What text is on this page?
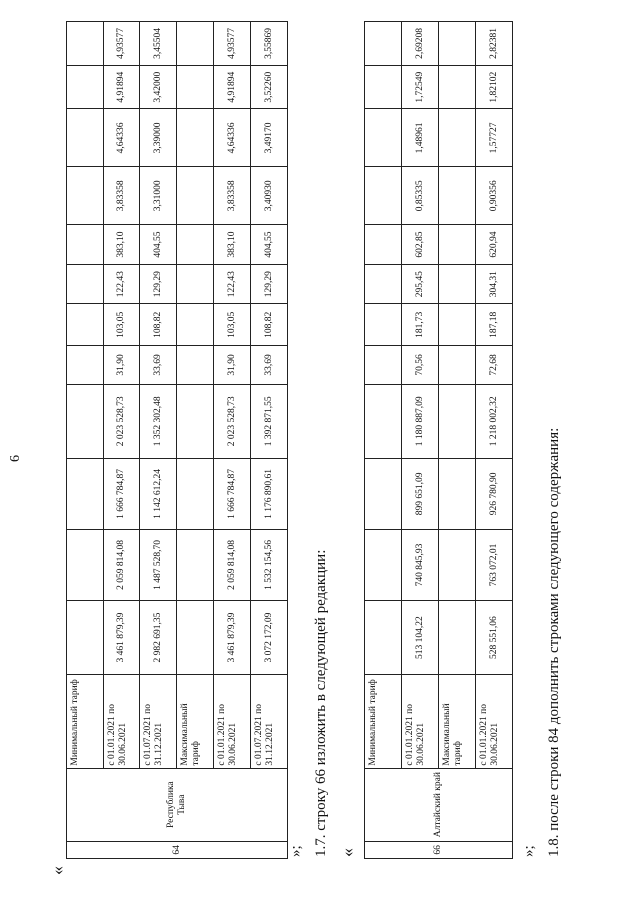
6
«
64	Республика Тыва	Минимальный тариф												
		с 01.01.2021 по 30.06.2021	3 461 879,39	2 059 814,08	1 666 784,87	2 023 528,73	31,90	103,05	122,43	383,10	3,83358	4,64336	4,91894	4,93577
		с 01.07.2021 по 31.12.2021	2 982 691,35	1 487 528,70	1 142 612,24	1 352 302,48	33,69	108,82	129,29	404,55	3,31000	3,39000	3,42000	3,45504
		Максимальный тариф												
		с 01.01.2021 по 30.06.2021	3 461 879,39	2 059 814,08	1 666 784,87	2 023 528,73	31,90	103,05	122,43	383,10	3,83358	4,64336	4,91894	4,93577
		с 01.07.2021 по 31.12.2021	3 072 172,09	1 532 154,56	1 176 890,61	1 392 871,55	33,69	108,82	129,29	404,55	3,40930	3,49170	3,52260	3,55869
»; 1.7. строку 66 изложить в следующей редакции: «	66	Алтайский край	Минимальный тариф												
		с 01.01.2021 по 30.06.2021	513 104,22	740 845,93	899 651,09	1 180 887,09	70,56	181,73	295,45	602,85	0,85335	1,48961	1,72549	2,69208
		Максимальный тариф												
		с 01.01.2021 по 30.06.2021	528 551,06	763 072,01	926 780,90	1 218 002,32	72,68	187,18	304,31	620,94	0,90356	1,57727	1,82102	2,82381
»; 1.8. после строки 84 дополнить строками следующего содержания:
